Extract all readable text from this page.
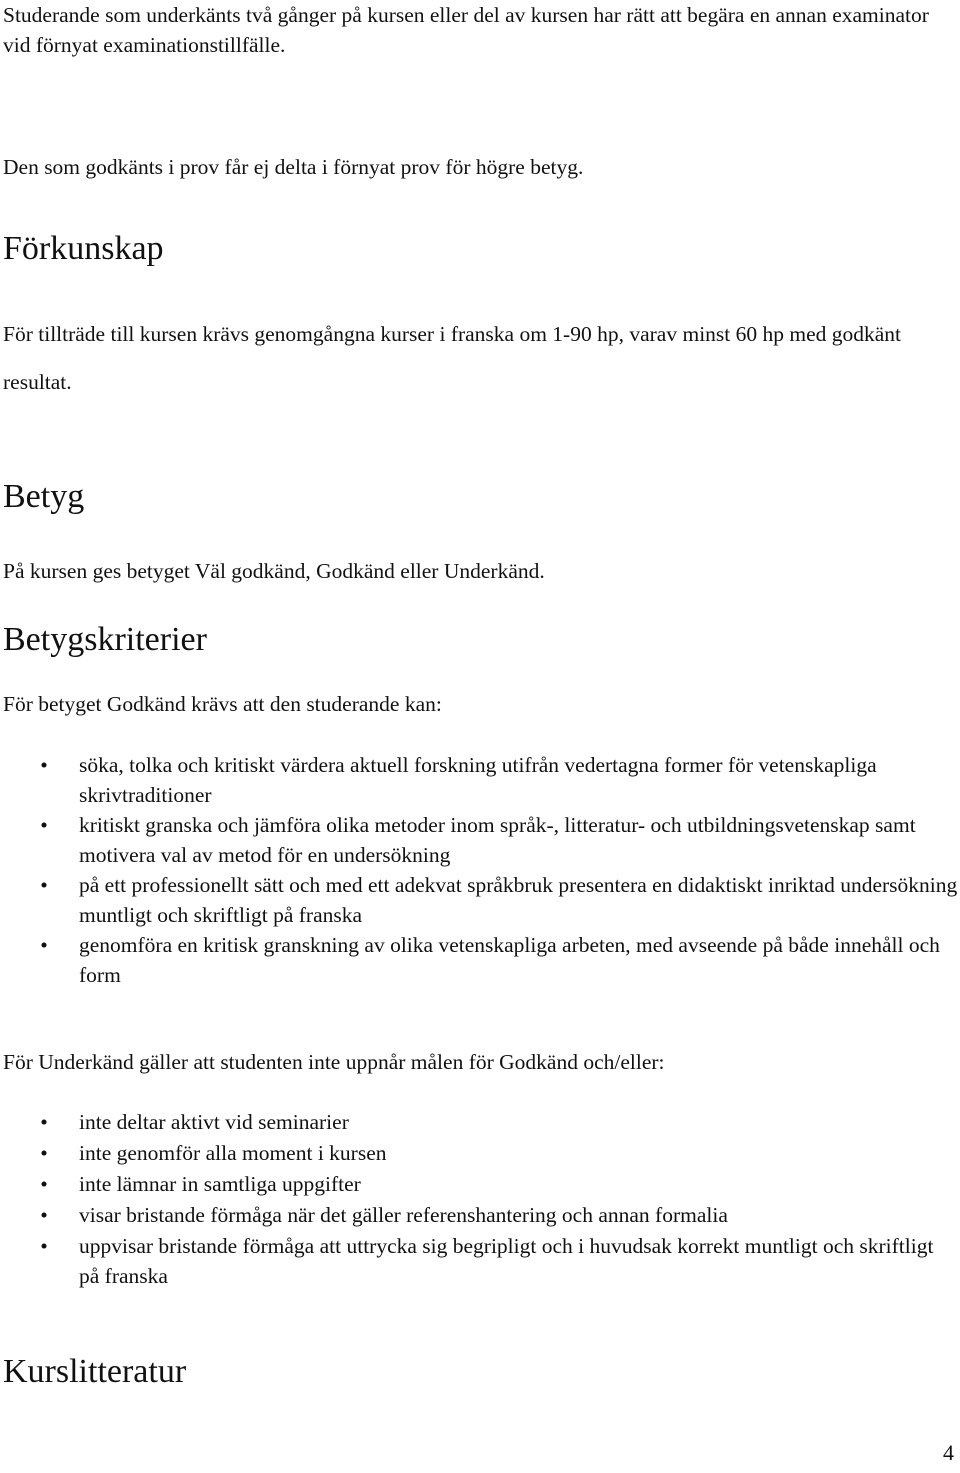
Studerande som underkänts två gånger på kursen eller del av kursen har rätt att begära en annan examinator vid förnyat examinationstillfälle.

Den som godkänts i prov får ej delta i förnyat prov för högre betyg.

Förkunskap

För tillträde till kursen krävs genomgångna kurser i franska om 1-90 hp, varav minst 60 hp med godkänt resultat.

Betyg

På kursen ges betyget Väl godkänd, Godkänd eller Underkänd.

Betygskriterier

För betyget Godkänd krävs att den studerande kan:

• söka, tolka och kritiskt värdera aktuell forskning utifrån vedertagna former för vetenskapliga skrivtraditioner
• kritiskt granska och jämföra olika metoder inom språk-, litteratur- och utbildningsvetenskap samt motivera val av metod för en undersökning
• på ett professionellt sätt och med ett adekvat språkbruk presentera en didaktiskt inriktad undersökning muntligt och skriftligt på franska
• genomföra en kritisk granskning av olika vetenskapliga arbeten, med avseende på både innehåll och form

För Underkänd gäller att studenten inte uppnår målen för Godkänd och/eller:

• inte deltar aktivt vid seminarier
• inte genomför alla moment i kursen
• inte lämnar in samtliga uppgifter
• visar bristande förmåga när det gäller referenshantering och annan formalia
• uppvisar bristande förmåga att uttrycka sig begripligt och i huvudsak korrekt muntligt och skriftligt på franska
Kurslitteratur
4
